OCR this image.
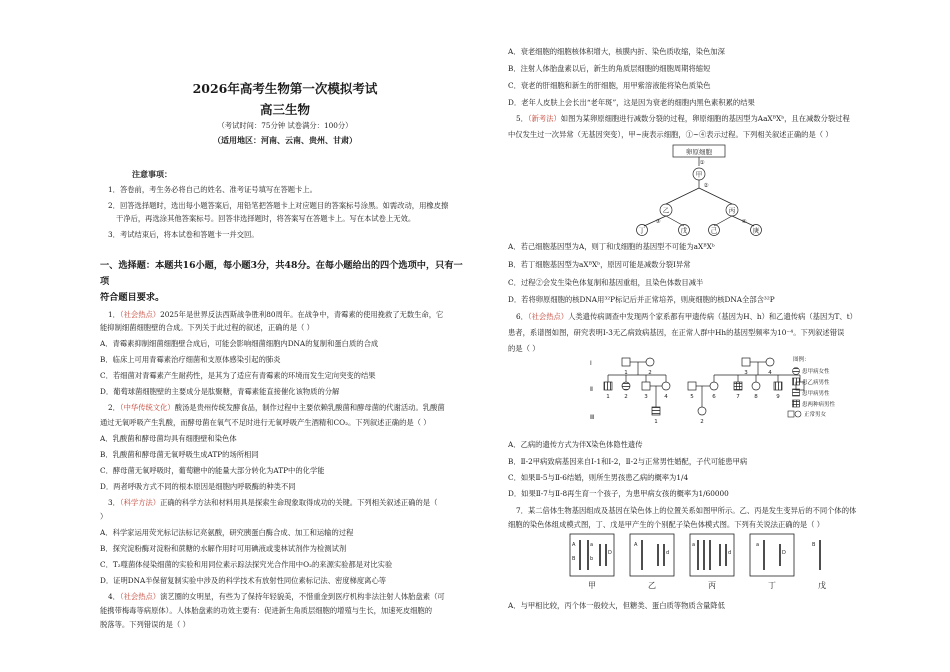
2026年高考生物第一次模拟考试
高三生物
（考试时间：75分钟 试卷满分：100分）
（适用地区：河南、云南、贵州、甘肃）
注意事项：
1．答卷前，考生务必将自己的姓名、准考证号填写在答题卡上。
2．回答选择题时，选出每小题答案后，用铅笔把答题卡上对应题目的答案标号涂黑。如需改动，用橡皮擦
干净后，再选涂其他答案标号。回答非选择题时，将答案写在答题卡上。写在本试卷上无效。
3．考试结束后，将本试卷和答题卡一并交回。
一、选择题：本题共16小题，每小题3分，共48分。在每小题给出的四个选项中，只有一项
符合题目要求。
1．（社会热点）2025年是世界反法西斯战争胜利80周年。在战争中，青霉素的使用挽救了无数生命，它
能抑制细菌细胞壁的合成。下列关于此过程的叙述，正确的是（ ）
A．青霉素抑制细菌细胞壁合成后，可能会影响细菌细胞内DNA的复制和蛋白质的合成
B．临床上可用青霉素治疗细菌和支原体感染引起的肺炎
C．若细菌对青霉素产生耐药性，是其为了适应有青霉素的环境而发生定向突变的结果
D．葡萄球菌细胞壁的主要成分是肽聚糖，青霉素能直接催化该物质的分解
2．（中华传统文化）酸汤是贵州传统发酵食品，制作过程中主要依赖乳酸菌和酵母菌的代谢活动。乳酸菌
通过无氧呼吸产生乳酸，而酵母菌在氧气不足时进行无氧呼吸产生酒精和CO₂。下列叙述正确的是（ ）
A．乳酸菌和酵母菌均具有细胞壁和染色体
B．乳酸菌和酵母菌无氧呼吸生成ATP的场所相同
C．酵母菌无氧呼吸时，葡萄糖中的能量大部分转化为ATP中的化学能
D．两者呼吸方式不同的根本原因是细胞内呼吸酶的种类不同
3．（科学方法）正确的科学方法和材料用具是探索生命现象取得成功的关键。下列相关叙述正确的是（
）
A．科学家运用荧光标记法标记亮氨酸，研究胰蛋白酶合成、加工和运输的过程
B．探究淀粉酶对淀粉和蔗糖的水解作用时可用碘液或斐林试剂作为检测试剂
C．T₂噬菌体侵染细菌的实验和用同位素示踪法探究光合作用中O₂的来源实验都是对比实验
D．证明DNA半保留复制实验中涉及的科学技术有放射性同位素标记法、密度梯度离心等
4．（社会热点）演艺圈的女明星，有些为了保持年轻貌美，不惜重金到医疗机构非法注射人体胎盘素（可
能携带梅毒等病原体）。人体胎盘素的功效主要有：促进新生角质层细胞的增殖与生长，加速死皮细胞的
脱落等。下列错误的是（ ）
A．衰老细胞的细胞核体积增大，核膜内折、染色质收缩，染色加深
B．注射人体胎盘素以后，新生的角质层细胞的细胞周期将缩短
C．衰老的肝细胞和新生的肝细胞，用甲紫溶液能将染色质染色
D．老年人皮肤上会长出“老年斑”，这是因为衰老的细胞内黑色素积累的结果
5．（新考法）如图为某卵原细胞进行减数分裂的过程，卵原细胞的基因型为AaXᴮXᵇ，且在减数分裂过程
中仅发生过一次异常（无基因突变），甲~庚表示细胞，①~④表示过程。下列相关叙述正确的是（ ）
卵原细胞
①
甲
②
乙	丙
③	④
丁	戊	己	庚
A．若己细胞基因型为A，则丁和戊细胞的基因型不可能为aXᴮXᵇ
B．若丁细胞基因型为aXᴮXᵇ，原因可能是减数分裂Ⅰ异常
C．过程②会发生染色体复制和基因重组，且染色体数目减半
D．若将卵原细胞的核DNA用³²P标记后并正常培养，则庚细胞的核DNA全部含³²P
6．（社会热点）人类遗传病调查中发现两个家系都有甲遗传病（基因为H、h）和乙遗传病（基因为T、t）
患者，系谱图如图，研究表明Ⅰ-3无乙病致病基因，在正常人群中Hh的基因型频率为10⁻⁴。下列叙述错误
的是（ ）
Ⅰ
Ⅱ
Ⅲ
1	2	3	4
1	2	3	4	5	6	7	8	9
1	2
图例：
患甲病女性
患乙病男性
患甲病男性
患两种病男性
正常男女
A．乙病的遗传方式为伴X染色体隐性遗传
B．Ⅱ-2甲病致病基因来自Ⅰ-1和Ⅰ-2，Ⅱ-2与正常男性婚配，子代可能患甲病
C．如果Ⅱ-5与Ⅱ-6结婚，则所生男孩患乙病的概率为1/4
D．如果Ⅱ-7与Ⅱ-8再生育一个孩子，为患甲病女孩的概率为1/60000
7．某二倍体生物基因组成及基因在染色体上的位置关系如图甲所示。乙、丙是发生变异后的不同个体的体
细胞的染色体组成模式图，丁、戊是甲产生的个别配子染色体模式图。下列有关说法正确的是（ ）
A	a
B	b
D
A
d
a
d
a
D
B
甲	乙	丙	丁	戊
A．与甲相比较，丙个体一般较大，但糖类、蛋白质等物质含量降低
